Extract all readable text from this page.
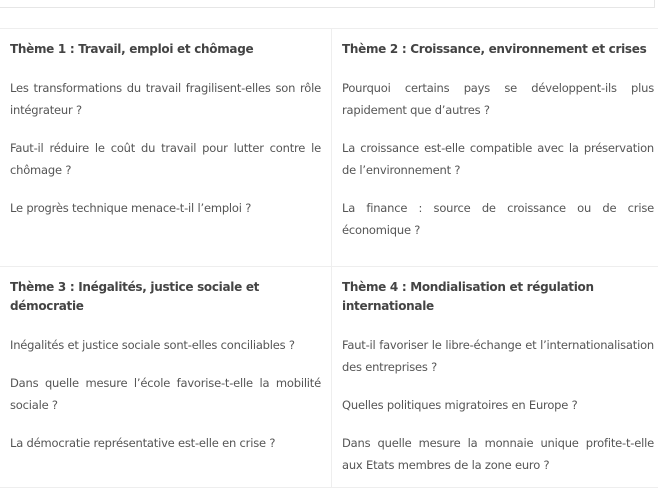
Thème 1 : Travail, emploi et chômage
Les transformations du travail fragilisent-elles son rôle intégrateur ?
Faut-il réduire le coût du travail pour lutter contre le chômage ?
Le progrès technique menace-t-il l’emploi ?
Thème 2 : Croissance, environnement et crises
Pourquoi certains pays se développent-ils plus rapidement que d’autres ?
La croissance est-elle compatible avec la préservation de l’environnement ?
La finance : source de croissance ou de crise économique ?
Thème 3 : Inégalités, justice sociale et démocratie
Inégalités et justice sociale sont-elles conciliables ?
Dans quelle mesure l’école favorise-t-elle la mobilité sociale ?
La démocratie représentative est-elle en crise ?
Thème 4 : Mondialisation et régulation internationale
Faut-il favoriser le libre-échange et l’internationalisation des entreprises ?
Quelles politiques migratoires en Europe ?
Dans quelle mesure la monnaie unique profite-t-elle aux Etats membres de la zone euro ?
